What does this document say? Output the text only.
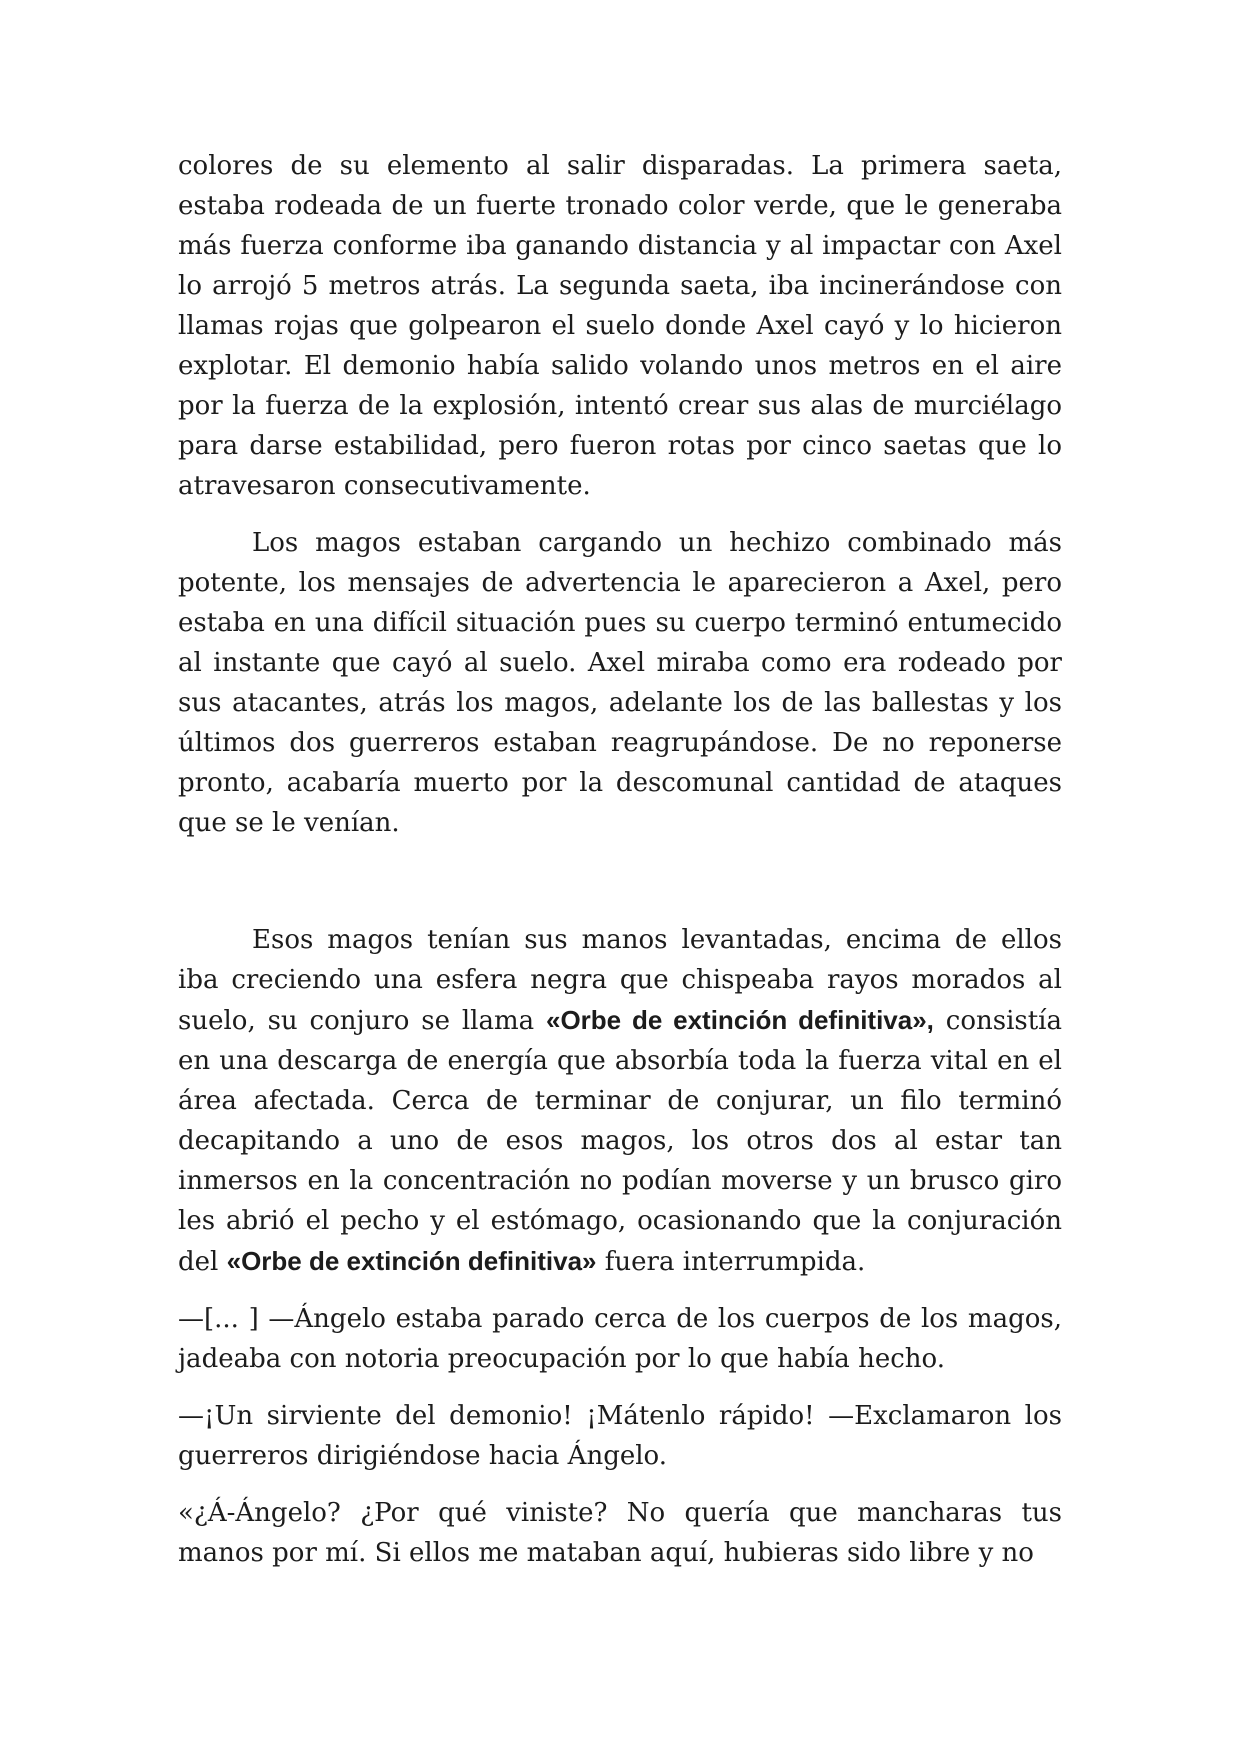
colores de su elemento al salir disparadas. La primera saeta, estaba rodeada de un fuerte tronado color verde, que le generaba más fuerza conforme iba ganando distancia y al impactar con Axel lo arrojó 5 metros atrás. La segunda saeta, iba incinerándose con llamas rojas que golpearon el suelo donde Axel cayó y lo hicieron explotar. El demonio había salido volando unos metros en el aire por la fuerza de la explosión, intentó crear sus alas de murciélago para darse estabilidad, pero fueron rotas por cinco saetas que lo atravesaron consecutivamente.

Los magos estaban cargando un hechizo combinado más potente, los mensajes de advertencia le aparecieron a Axel, pero estaba en una difícil situación pues su cuerpo terminó entumecido al instante que cayó al suelo. Axel miraba como era rodeado por sus atacantes, atrás los magos, adelante los de las ballestas y los últimos dos guerreros estaban reagrupándose. De no reponerse pronto, acabaría muerto por la descomunal cantidad de ataques que se le venían.

Esos magos tenían sus manos levantadas, encima de ellos iba creciendo una esfera negra que chispeaba rayos morados al suelo, su conjuro se llama «Orbe de extinción definitiva», consistía en una descarga de energía que absorbía toda la fuerza vital en el área afectada. Cerca de terminar de conjurar, un filo terminó decapitando a uno de esos magos, los otros dos al estar tan inmersos en la concentración no podían moverse y un brusco giro les abrió el pecho y el estómago, ocasionando que la conjuración del «Orbe de extinción definitiva» fuera interrumpida.

—[... ] —Ángelo estaba parado cerca de los cuerpos de los magos, jadeaba con notoria preocupación por lo que había hecho.

—¡Un sirviente del demonio! ¡Mátenlo rápido! —Exclamaron los guerreros dirigiéndose hacia Ángelo.

«¿Á-Ángelo? ¿Por qué viniste? No quería que mancharas tus manos por mí. Si ellos me mataban aquí, hubieras sido libre y no
